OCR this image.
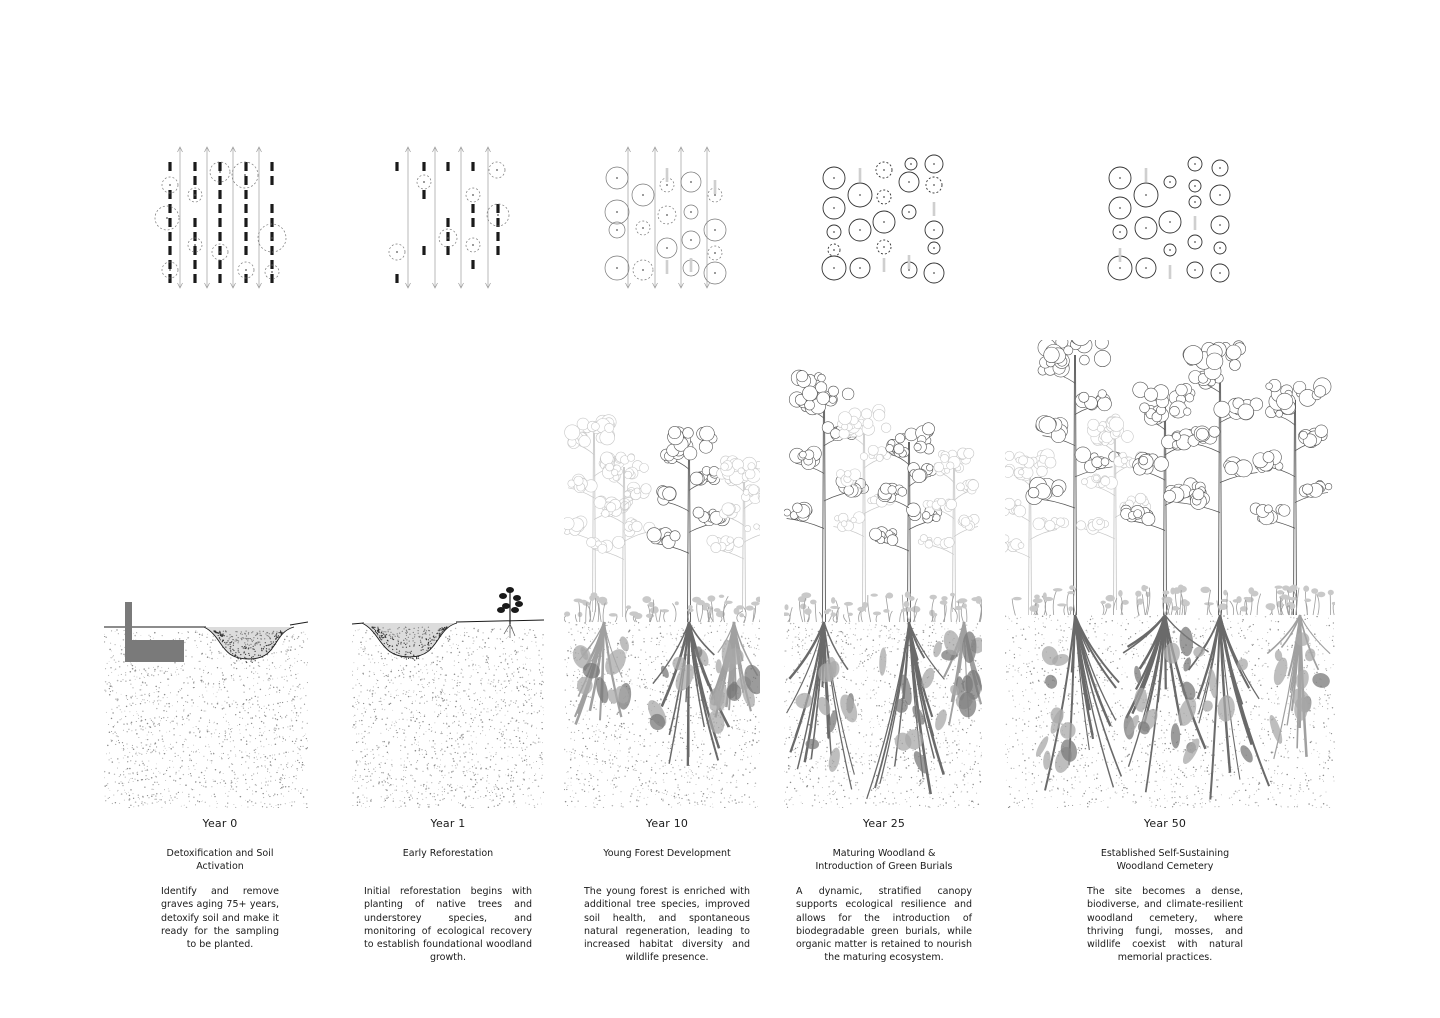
Year 0

Detoxification and Soil
Activation

Identify and remove graves aging 75+ years, detoxify soil and make it ready for the sampling to be planted.

Year 1

Early Reforestation

Initial reforestation begins with planting of native trees and understorey species, and monitoring of ecological recovery to establish foundational woodland growth.

Year 10

Young Forest Development

The young forest is enriched with additional tree species, improved soil health, and spontaneous natural regeneration, leading to increased habitat diversity and wildlife presence.

Year 25

Maturing Woodland &
Introduction of Green Burials

A dynamic, stratified canopy supports ecological resilience and allows for the introduction of biodegradable green burials, while organic matter is retained to nourish the maturing ecosystem.

Year 50

Established Self-Sustaining
Woodland Cemetery

The site becomes a dense, biodiverse, and climate-resilient woodland cemetery, where thriving fungi, mosses, and wildlife coexist with natural memorial practices.
